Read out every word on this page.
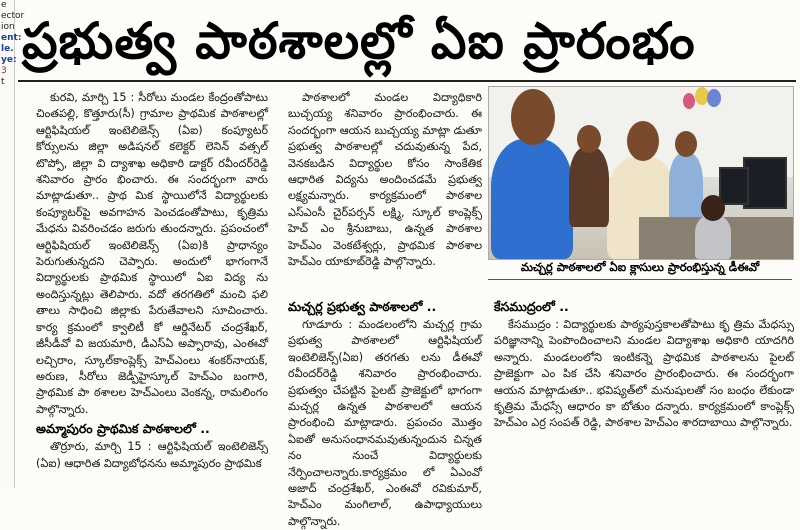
e
ector
ion
ent:
le.
ye:
3
t
ప్రభుత్వ పాఠశాలల్లో ఏఐ ప్రారంభం

కురవి, మార్చి 15 : సీరోలు మండల కేంద్రంతోపాటు చింతపల్లి, కొత్తూరు(సీ) గ్రామాల ప్రాథమిక పాఠశాలల్లో ఆర్టిఫిషియల్ ఇంటెలిజెన్స్ (ఏఐ) కంప్యూటర్ కోర్సులను జిల్లా అడిషనల్ కలెక్టర్ లెనిన్ వత్సల్ టొప్పో, జిల్లా వి ద్యాశాఖ అధికారి డాక్టర్ రవీందర్‌రెడ్డి శనివారం ప్రారం భించారు. ఈ సందర్భంగా వారు మాట్లాడుతూ.. ప్రాథ మిక స్థాయిలోనే విద్యార్థులకు కంప్యూటర్‌పై అవగాహన పెంచడంతోపాటు, కృత్రిమ మేధను వివరించడం జరుగు తుందన్నారు. ప్రపంచంలో ఆర్టిఫిషియల్ ఇంటెలిజెన్స్ (ఏఐ)కి ప్రాధాన్యం పెరుగుతున్నదని చెప్పారు. అందులో భాగంగానే విద్యార్థులకు ప్రాథమిక స్థాయిలో ఏఐ విద్య ను అందిస్తున్నట్లు తెలిపారు. వదో తరగతిలో మంచి ఫలి తాలు సాధించి జిల్లాకు పేరుతేవాలని సూచించారు. కార్య క్రమంలో క్వాలిటీ కో ఆర్డినేటర్ చంద్రశేఖర్, జీసీడీవో వి జయమారి, డీఎస్‌ఏ అప్పారావు, ఎంఈవో లచ్చిరాం, స్కూల్‌కాంప్లెక్స్ హెచ్‌ఎంలు శంకర్‌నాయక్, అరుణ, సీరోలు జెడ్పీహైస్కూల్ హెచ్‌ఎం బంగారి, ప్రాథమిక పా ఠశాలల హెచ్‌ఎంలు వెంకన్న, రామలింగం పాల్గొన్నారు.

అమ్మాపురం ప్రాథమిక పాఠశాలలో ..

తొర్రూరు, మార్చి 15 : ఆర్టిఫిషియల్ ఇంటెలిజెన్స్ (ఏఐ) ఆధారిత విద్యాబోధనను అమ్మాపురం ప్రాథమిక

పాఠశాలలో మండల విద్యాధికారి బుచ్చయ్య శనివారం ప్రారంభించారు. ఈ సందర్భంగా ఆయన బుచ్చయ్య మాట్లా డుతూ ప్రభుత్వ పాఠశాలల్లో చదువుతున్న పేద, వెనకబడిన విద్యార్థుల కోసం సాంకేతిక ఆధారిత విద్యను అందించడమే ప్రభుత్వ లక్ష్యమన్నారు. కార్యక్రమంలో పాఠశాల ఎస్‌ఎంసీ చైర్‌పర్సన్ లక్ష్మి, స్కూల్ కాంప్లెక్స్ హెచ్ ఎం శ్రీనుబాబు, ఉన్నత పాఠశాల హెచ్‌ఎం వెంకటేశ్వర్లు, ప్రాథమిక పాఠశాల హెచ్‌ఎం యాకూబ్‌రెడ్డి పాల్గొన్నారు.

మచ్చర్ల ప్రభుత్వ పాఠశాలలో ..

గూడూరు : మండలంలోని మచ్చర్ల గ్రామ ప్రభుత్వ పాఠశాలలో ఆర్టిఫిషియల్ ఇంటెలిజెన్స్(ఏఐ) తరగతు లను డీఈవో రవీందర్‌రెడ్డి శనివారం ప్రారంభించారు. ప్రభుత్వం చేపట్టిన పైలట్ ప్రాజెక్టులో భాగంగా మచ్చర్ల ఉన్నత పాఠశాలలో ఆయన ప్రారంభించి మాట్లాడారు. ప్రపంచం మొత్తం ఏఐతో అనుసంధానమవుతున్నందున చిన్నత నం నుంచే విద్యార్థులకు నేర్పించాలన్నారు.కార్యక్రమం లో ఏఎంవో అజాద్ చంద్రశేఖర్, ఎంఈవో రవికుమార్, హెచ్‌ఎం మంగిలాల్, ఉపాధ్యాయులు పాల్గొన్నారు.

మచ్చర్ల పాఠశాలలో ఏఐ క్లాసులు ప్రారంభిస్తున్న డీఈవో

కేసముద్రంలో ..

కేసముద్రం : విద్యార్థులకు పాఠ్యపుస్తకాలతోపాటు కృ త్రిమ మేధస్సు పరిజ్ఞానాన్ని పెంపొందించాలని మండల విద్యాశాఖ అధికారి యాదగిరి అన్నారు. మండలంలోని ఇంటికన్నె ప్రాథమిక పాఠశాలను పైలట్ ప్రాజెక్టుగా ఎం పిక చేసి శనివారం ప్రారంభించారు. ఈ సందర్భంగా ఆయన మాట్లాడుతూ.. భవిష్యత్‌లో మనుషులతో సం బంధం లేకుండా కృత్రిమ మేధస్సే ఆధారం కా బోతుం దన్నారు. కార్యక్రమంలో కాంప్లెక్స్ హెచ్‌ఎం ఎర్ర సంపత్ రెడ్డి, పాఠశాల హెచ్‌ఎం శారదాబాయి పాల్గొన్నారు.
